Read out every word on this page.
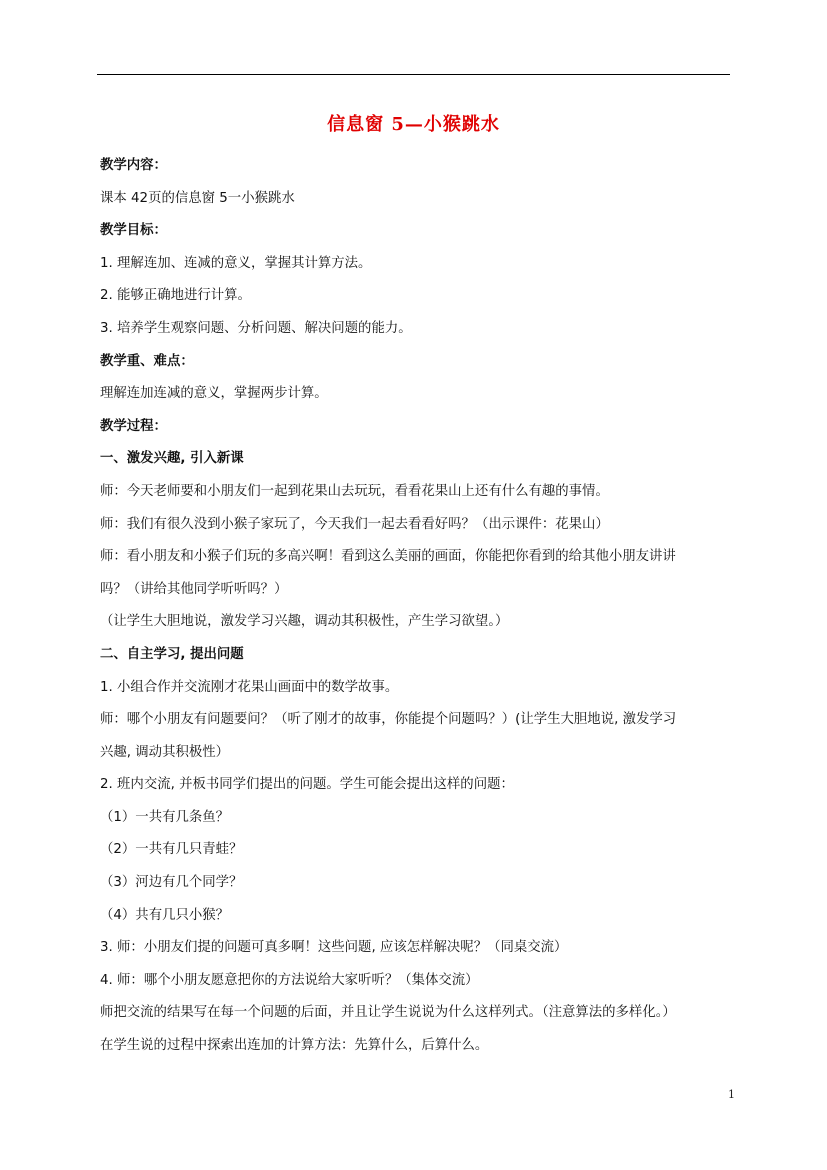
信息窗 5—小猴跳水
教学内容：
课本 42页的信息窗 5一小猴跳水
教学目标：
1. 理解连加、连减的意义，掌握其计算方法。
2. 能够正确地进行计算。
3. 培养学生观察问题、分析问题、解决问题的能力。
教学重、难点：
理解连加连减的意义，掌握两步计算。
教学过程：
一、激发兴趣, 引入新课
师：今天老师要和小朋友们一起到花果山去玩玩，看看花果山上还有什么有趣的事情。
师：我们有很久没到小猴子家玩了，今天我们一起去看看好吗？（出示课件：花果山）
师：看小朋友和小猴子们玩的多高兴啊！看到这么美丽的画面，你能把你看到的给其他小朋友讲讲
吗？（讲给其他同学听听吗？）
（让学生大胆地说，激发学习兴趣，调动其积极性，产生学习欲望。）
二、自主学习, 提出问题
1. 小组合作并交流刚才花果山画面中的数学故事。
师：哪个小朋友有问题要问？（听了刚才的故事，你能提个问题吗？）(让学生大胆地说, 激发学习
兴趣, 调动其积极性）
2. 班内交流, 并板书同学们提出的问题。学生可能会提出这样的问题：
（1）一共有几条鱼？
（2）一共有几只青蛙？
（3）河边有几个同学？
（4）共有几只小猴？
3. 师：小朋友们提的问题可真多啊！这些问题, 应该怎样解决呢？（同桌交流）
4. 师：哪个小朋友愿意把你的方法说给大家听听？（集体交流）
师把交流的结果写在每一个问题的后面，并且让学生说说为什么这样列式。（注意算法的多样化。）
在学生说的过程中探索出连加的计算方法：先算什么，后算什么。
1
